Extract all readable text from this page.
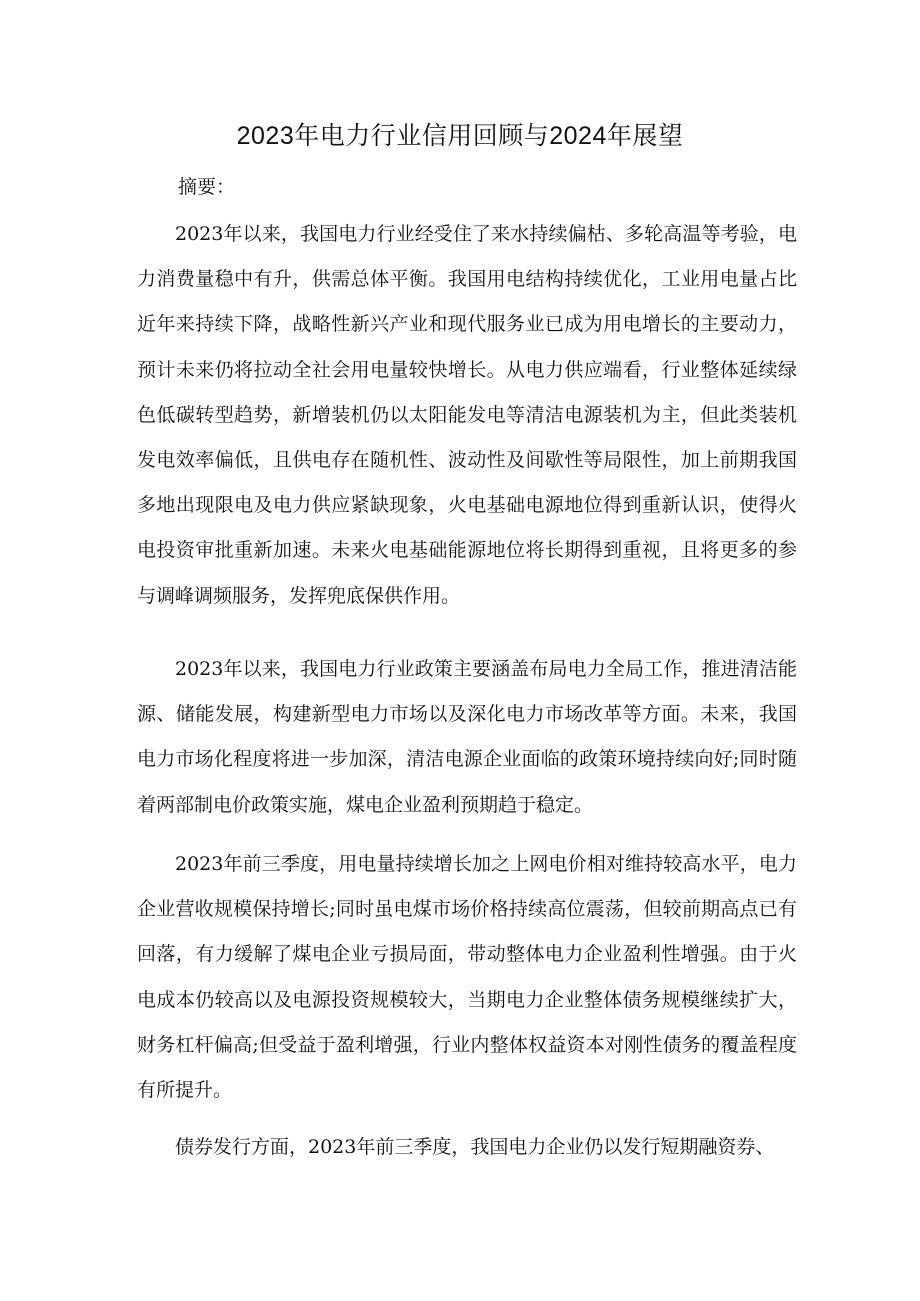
2023年电力行业信用回顾与2024年展望

摘要：

2023年以来，我国电力行业经受住了来水持续偏枯、多轮高温等考验，电力消费量稳中有升，供需总体平衡。我国用电结构持续优化，工业用电量占比近年来持续下降，战略性新兴产业和现代服务业已成为用电增长的主要动力，预计未来仍将拉动全社会用电量较快增长。从电力供应端看，行业整体延续绿色低碳转型趋势，新增装机仍以太阳能发电等清洁电源装机为主，但此类装机发电效率偏低，且供电存在随机性、波动性及间歇性等局限性，加上前期我国多地出现限电及电力供应紧缺现象，火电基础电源地位得到重新认识，使得火电投资审批重新加速。未来火电基础能源地位将长期得到重视，且将更多的参与调峰调频服务，发挥兜底保供作用。

2023年以来，我国电力行业政策主要涵盖布局电力全局工作，推进清洁能源、储能发展，构建新型电力市场以及深化电力市场改革等方面。未来，我国电力市场化程度将进一步加深，清洁电源企业面临的政策环境持续向好;同时随着两部制电价政策实施，煤电企业盈利预期趋于稳定。

2023年前三季度，用电量持续增长加之上网电价相对维持较高水平，电力企业营收规模保持增长;同时虽电煤市场价格持续高位震荡，但较前期高点已有回落，有力缓解了煤电企业亏损局面，带动整体电力企业盈利性增强。由于火电成本仍较高以及电源投资规模较大，当期电力企业整体债务规模继续扩大，财务杠杆偏高;但受益于盈利增强，行业内整体权益资本对刚性债务的覆盖程度有所提升。

债券发行方面，2023年前三季度，我国电力企业仍以发行短期融资券、
